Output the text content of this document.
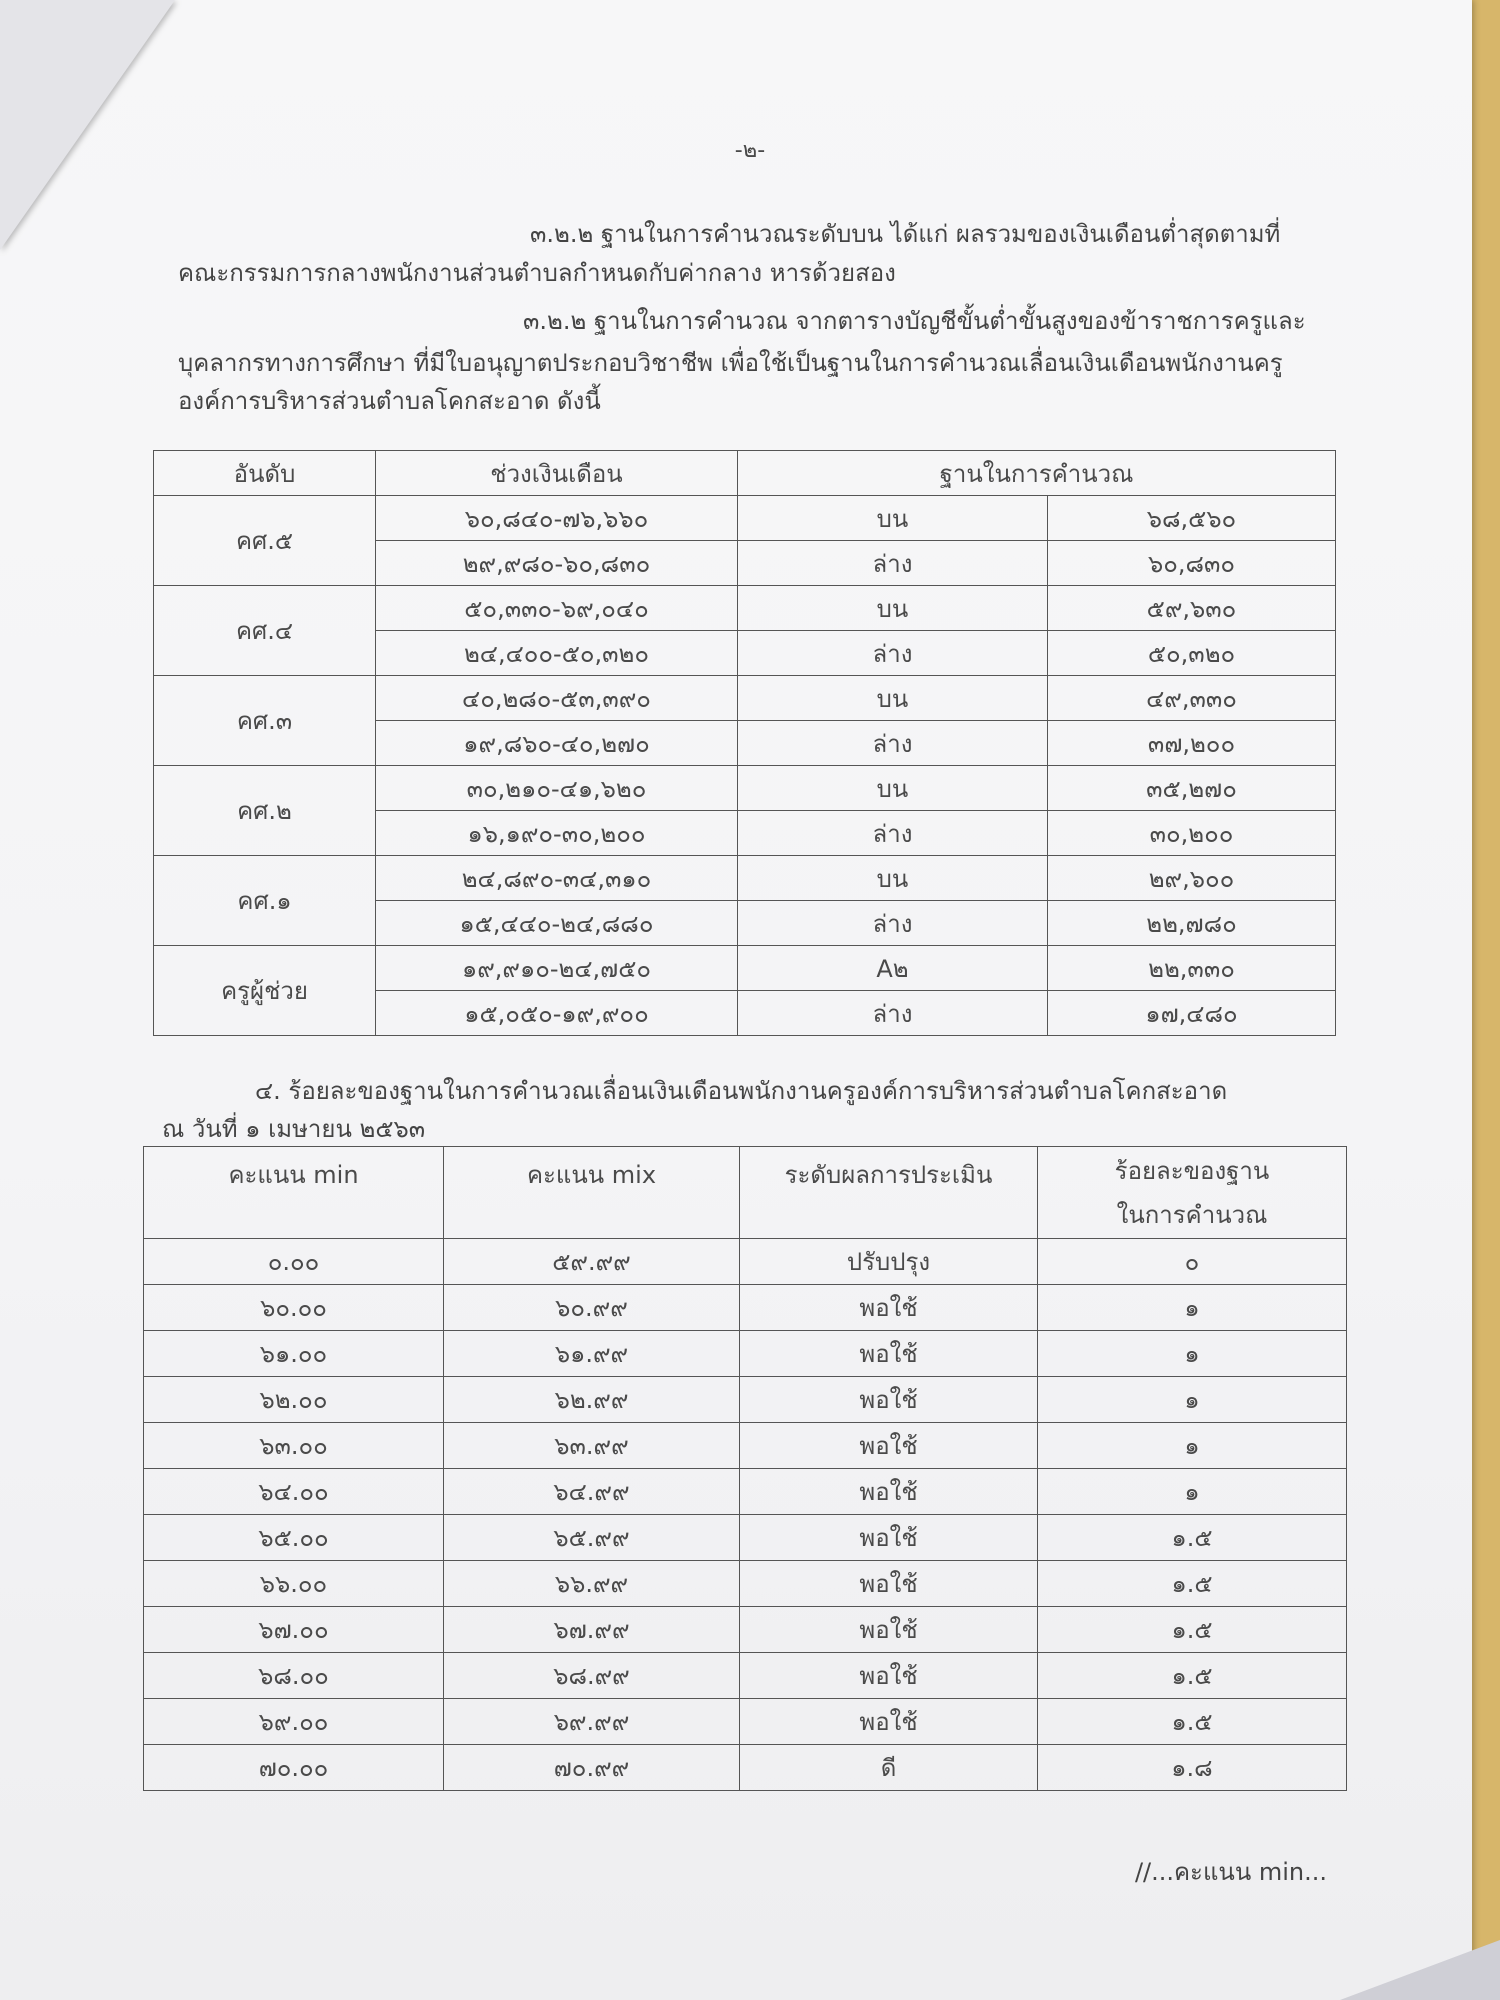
-๒-
๓.๒.๒ ฐานในการคำนวณระดับบน ได้แก่ ผลรวมของเงินเดือนต่ำสุดตามที่
คณะกรรมการกลางพนักงานส่วนตำบลกำหนดกับค่ากลาง หารด้วยสอง
๓.๒.๒ ฐานในการคำนวณ จากตารางบัญชีขั้นต่ำขั้นสูงของข้าราชการครูและ
บุคลากรทางการศึกษา ที่มีใบอนุญาตประกอบวิชาชีพ เพื่อใช้เป็นฐานในการคำนวณเลื่อนเงินเดือนพนักงานครู
องค์การบริหารส่วนตำบลโคกสะอาด ดังนี้
อันดับ	ช่วงเงินเดือน	ฐานในการคำนวณ	
คศ.๕	๖๐,๘๔๐-๗๖,๖๖๐	บน	๖๘,๕๖๐
	๒๙,๙๘๐-๖๐,๘๓๐	ล่าง	๖๐,๘๓๐
คศ.๔	๕๐,๓๓๐-๖๙,๐๔๐	บน	๕๙,๖๓๐
	๒๔,๔๐๐-๕๐,๓๒๐	ล่าง	๕๐,๓๒๐
คศ.๓	๔๐,๒๘๐-๕๓,๓๙๐	บน	๔๙,๓๓๐
	๑๙,๘๖๐-๔๐,๒๗๐	ล่าง	๓๗,๒๐๐
คศ.๒	๓๐,๒๑๐-๔๑,๖๒๐	บน	๓๕,๒๗๐
	๑๖,๑๙๐-๓๐,๒๐๐	ล่าง	๓๐,๒๐๐
คศ.๑	๒๔,๘๙๐-๓๔,๓๑๐	บน	๒๙,๖๐๐
	๑๕,๔๔๐-๒๔,๘๘๐	ล่าง	๒๒,๗๘๐
ครูผู้ช่วย	๑๙,๙๑๐-๒๔,๗๕๐	A๒	๒๒,๓๓๐
	๑๕,๐๕๐-๑๙,๙๐๐	ล่าง	๑๗,๔๘๐
๔. ร้อยละของฐานในการคำนวณเลื่อนเงินเดือนพนักงานครูองค์การบริหารส่วนตำบลโคกสะอาด
ณ วันที่ ๑ เมษายน ๒๕๖๓
คะแนน min	คะแนน mix	ระดับผลการประเมิน	ร้อยละของฐาน
ในการคำนวณ

๐.๐๐	๕๙.๙๙	ปรับปรุง	๐
๖๐.๐๐	๖๐.๙๙	พอใช้	๑
๖๑.๐๐	๖๑.๙๙	พอใช้	๑
๖๒.๐๐	๖๒.๙๙	พอใช้	๑
๖๓.๐๐	๖๓.๙๙	พอใช้	๑
๖๔.๐๐	๖๔.๙๙	พอใช้	๑
๖๕.๐๐	๖๕.๙๙	พอใช้	๑.๕
๖๖.๐๐	๖๖.๙๙	พอใช้	๑.๕
๖๗.๐๐	๖๗.๙๙	พอใช้	๑.๕
๖๘.๐๐	๖๘.๙๙	พอใช้	๑.๕
๖๙.๐๐	๖๙.๙๙	พอใช้	๑.๕
๗๐.๐๐	๗๐.๙๙	ดี	๑.๘
//...คะแนน min...
